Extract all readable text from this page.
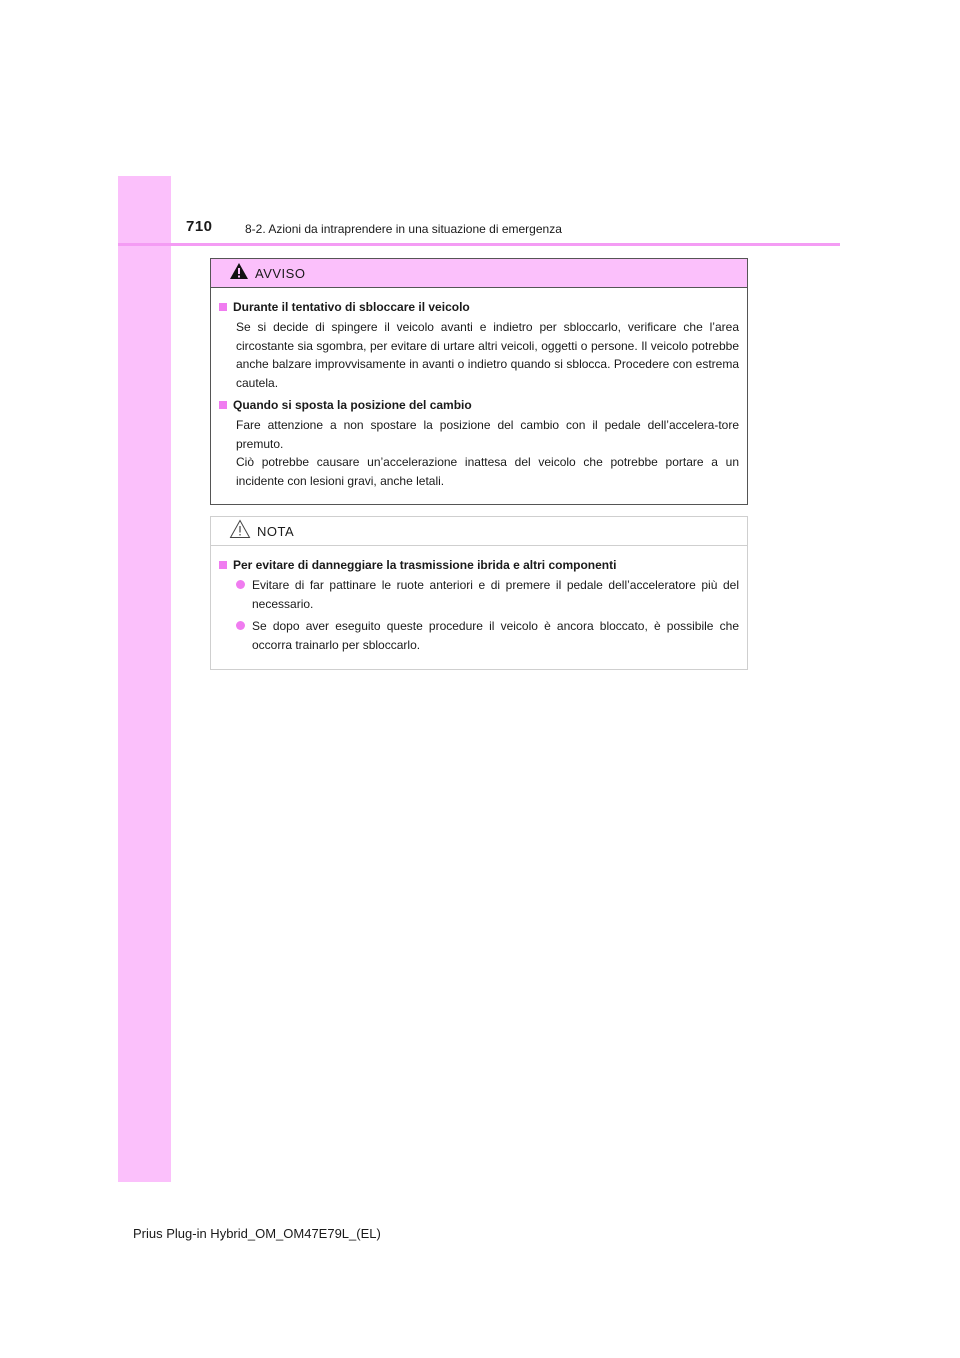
710	8-2. Azioni da intraprendere in una situazione di emergenza
AVVISO
Durante il tentativo di sbloccare il veicolo
Se si decide di spingere il veicolo avanti e indietro per sbloccarlo, verificare che l’area circostante sia sgombra, per evitare di urtare altri veicoli, oggetti o persone. Il veicolo potrebbe anche balzare improvvisamente in avanti o indietro quando si sblocca. Procedere con estrema cautela.
Quando si sposta la posizione del cambio
Fare attenzione a non spostare la posizione del cambio con il pedale dell’accelera-tore premuto.
Ciò potrebbe causare un’accelerazione inattesa del veicolo che potrebbe portare a un incidente con lesioni gravi, anche letali.
NOTA
Per evitare di danneggiare la trasmissione ibrida e altri componenti
Evitare di far pattinare le ruote anteriori e di premere il pedale dell’acceleratore più del necessario.
Se dopo aver eseguito queste procedure il veicolo è ancora bloccato, è possibile che occorra trainarlo per sbloccarlo.
Prius Plug-in Hybrid_OM_OM47E79L_(EL)
